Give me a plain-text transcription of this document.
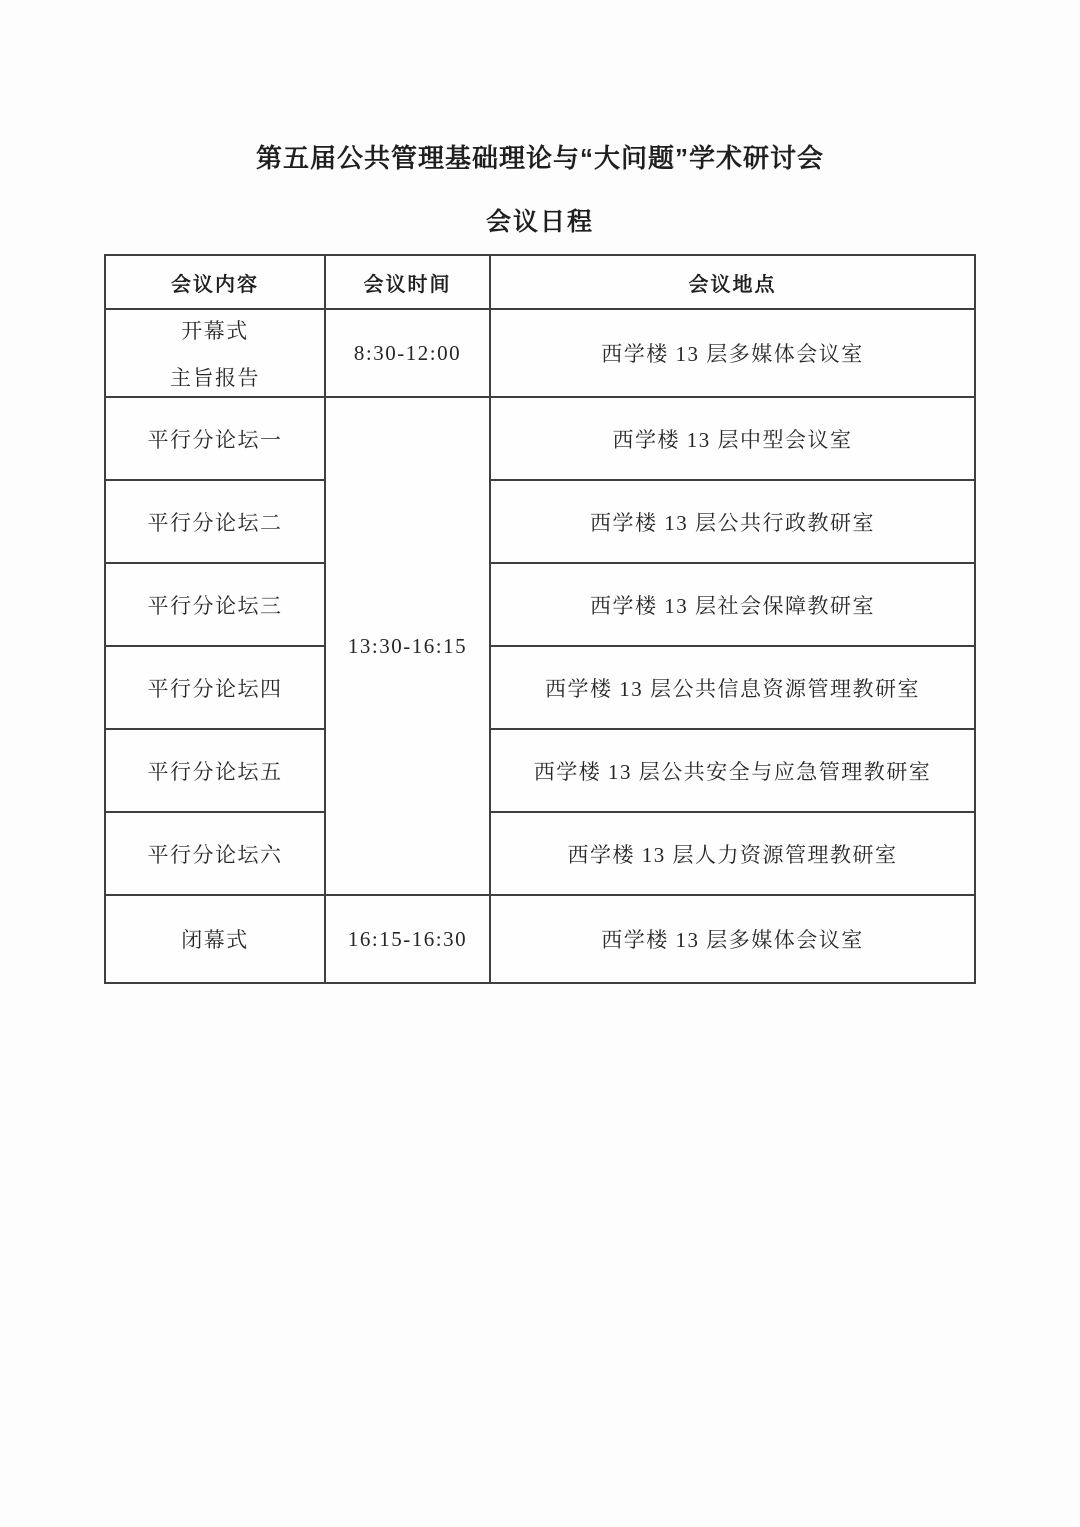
第五届公共管理基础理论与“大问题”学术研讨会
会议日程
会议内容	会议时间	会议地点

开幕式
主旨报告	8:30-12:00	西学楼 13 层多媒体会议室
平行分论坛一	13:30-16:15	西学楼 13 层中型会议室
平行分论坛二		西学楼 13 层公共行政教研室
平行分论坛三		西学楼 13 层社会保障教研室
平行分论坛四		西学楼 13 层公共信息资源管理教研室
平行分论坛五		西学楼 13 层公共安全与应急管理教研室
平行分论坛六		西学楼 13 层人力资源管理教研室
闭幕式	16:15-16:30	西学楼 13 层多媒体会议室
